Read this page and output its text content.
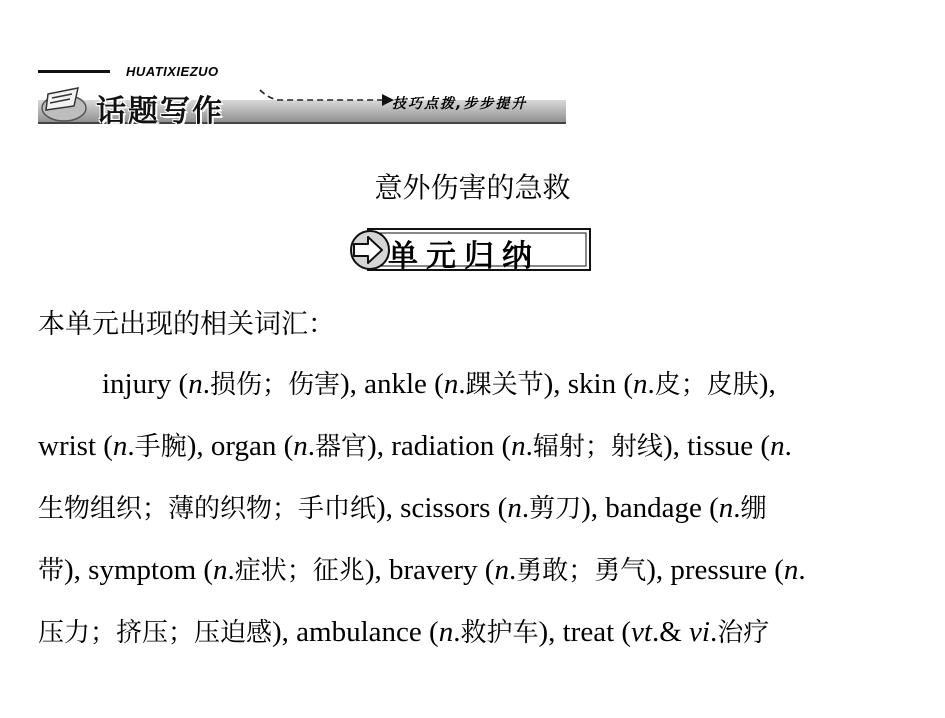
HUATIXIEZUO
话题写作	技巧点拨,步步提升
意外伤害的急救
单元归纳
本单元出现的相关词汇：
injury (n.损伤；伤害), ankle (n.踝关节), skin (n.皮；皮肤),
wrist (n.手腕), organ (n.器官), radiation (n.辐射；射线), tissue (n.
生物组织；薄的织物；手巾纸), scissors (n.剪刀), bandage (n.绷
带), symptom (n.症状；征兆), bravery (n.勇敢；勇气), pressure (n.
压力；挤压；压迫感), ambulance (n.救护车), treat (vt.& vi.治疗
